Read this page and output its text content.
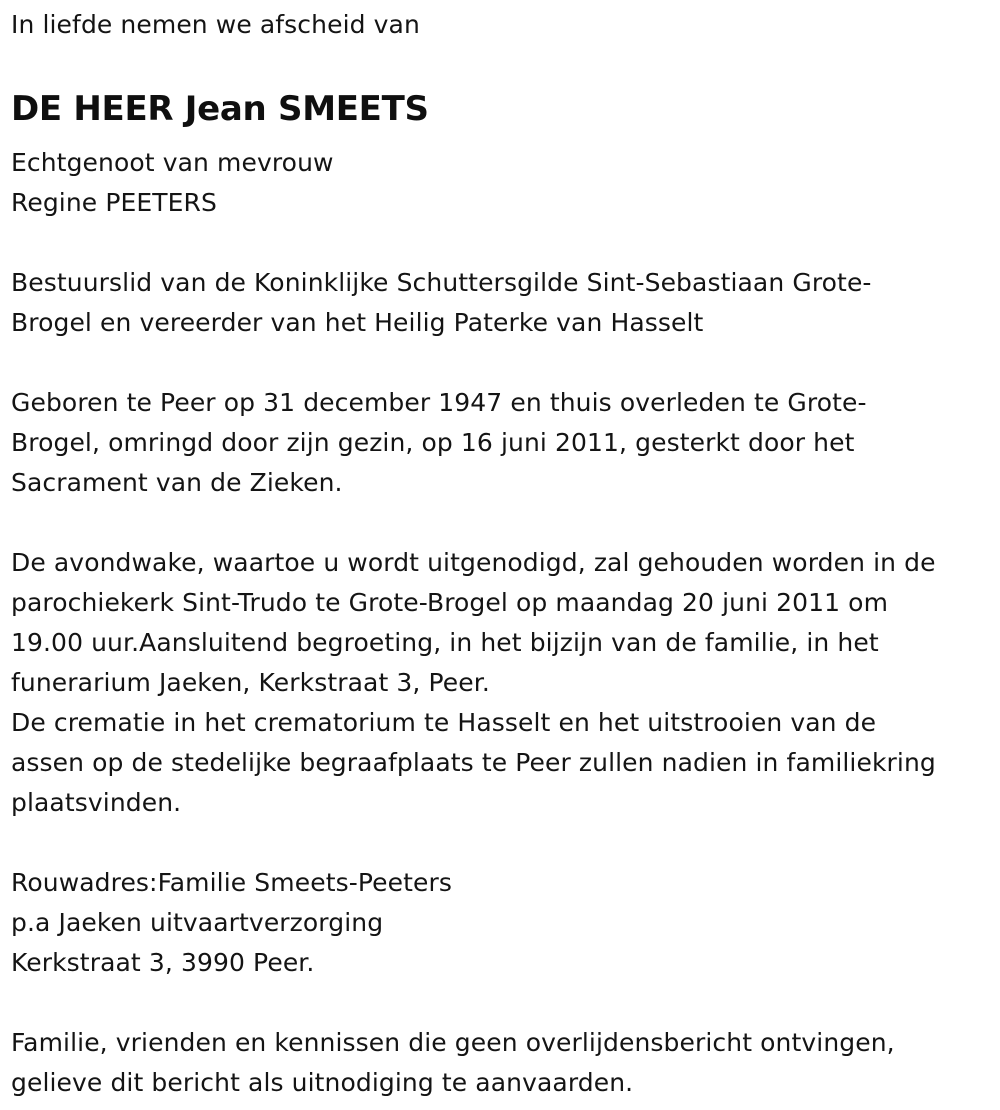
In liefde nemen we afscheid van
DE HEER Jean SMEETS
Echtgenoot van mevrouw
Regine PEETERS
Bestuurslid van de Koninklijke Schuttersgilde Sint-Sebastiaan Grote-
Brogel en vereerder van het Heilig Paterke van Hasselt
Geboren te Peer op 31 december 1947 en thuis overleden te Grote-
Brogel, omringd door zijn gezin, op 16 juni 2011, gesterkt door het
Sacrament van de Zieken.
De avondwake, waartoe u wordt uitgenodigd, zal gehouden worden in de
parochiekerk Sint-Trudo te Grote-Brogel op maandag 20 juni 2011 om
19.00 uur.Aansluitend begroeting, in het bijzijn van de familie, in het
funerarium Jaeken, Kerkstraat 3, Peer.
De crematie in het crematorium te Hasselt en het uitstrooien van de
assen op de stedelijke begraafplaats te Peer zullen nadien in familiekring
plaatsvinden.
Rouwadres:Familie Smeets-Peeters
p.a Jaeken uitvaartverzorging
Kerkstraat 3, 3990 Peer.
Familie, vrienden en kennissen die geen overlijdensbericht ontvingen,
gelieve dit bericht als uitnodiging te aanvaarden.
